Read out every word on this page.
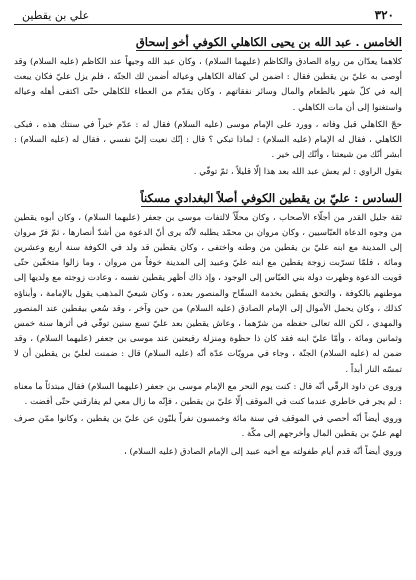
٣٢٠
علي بن يقطين
الخامس . عبد الله بن يحيى الكاهلي الكوفي أخو إسحاق

كلاهما يعدّان من رواة الصادق والكاظم (عليهما السلام) ، وكان عبد الله وجيهاً عند الكاظم (عليه السلام) وقد أوصى به عليّ بن يقطين فقال : اضمن لي كفالة الكاهلي وعياله أضمن لك الجنّة ، فلم يزل عليّ فكان يبعث إليه في كلّ شهر بالطعام والمال وسائر نفقاتهم ، وكان يقدّم من العطاء للكاهلي حتّى اكتفى أهله وعياله واستغنوا إلى أن مات الكاهلي .

حجّ الكاهلي قبل وفاته ، وورد على الإمام موسى (عليه السلام) فقال له : عدّم خيراً في سنتك هذه ، فبكى الكاهلي ، فقال له الإمام (عليه السلام) : لماذا تبكي ؟ قال : إنّك نعيت إليّ نفسي ، فقال له (عليه السلام) : أبشر أنّك من شيعتنا ، وأنّك إلى خير .

يقول الراوي : لم يعش عبد الله بعد هذا إلّا قليلاً ، ثمّ توفّي .

السادس : عليّ بن يقطين الكوفي أصلاً البغدادي مسكناً

ثقة جليل القدر من أجلّاء الأصحاب ، وكان محلّاً لالتفات موسى بن جعفر (عليهما السلام) ، وكان أبوه يقطين من وجوه الدعاة العبّاسيين ، وكان مروان بن محمّد يطلبه لأنّه يرى أنّ الدعوة من أشدّ أنصارها ، ثمّ فرّ مروان إلى المدينة مع ابنه عليّ بن يقطين من وطنه واختفى ، وكان يقطين قد ولد في الكوفة سنة أربع وعشرين ومائة ، فلمّا تسرّبت زوجة يقطين مع ابنه عليّ وعبيد إلى المدينة خوفاً من مروان ، وما زالوا متخفّين حتّى قويت الدعوة وظهرت دولة بني العبّاس إلى الوجود ، وإذ ذاك أظهر يقطين نفسه ، وعادت زوجته مع ولديها إلى موطنهم بالكوفة ، والتحق يقطين بخدمة السفّاح والمنصور بعده ، وكان شيعيّ المذهب يقول بالإمامة ، وأبناؤه كذلك ، وكان يحمل الأموال إلى الإمام الصادق (عليه السلام) من حين وآخر ، وقد سُعي بيقطين عند المنصور والمهدي ، لكن الله تعالى حفظه من شرّهما ، وعاش يقطين بعد عليّ تسع سنين توفّي في أثرها سنة خمس وثمانين ومائة ، وأمّا عليّ ابنه فقد كان ذا حظوة ومنزلة رفيعتين عند موسى بن جعفر (عليهما السلام) ، وقد ضمن له (عليه السلام) الجنّة ، وجاء في مرويّات عدّة أنّه (عليه السلام) قال : ضمنت لعليّ بن يقطين أن لا تمسّه النار أبداً .

وروى عن داود الرقّي أنّه قال : كنت يوم النحر مع الإمام موسى بن جعفر (عليهما السلام) فقال مبتدئاً ما معناه : لم يجر في خاطري عندما كنت في الموقف إلّا عليّ بن يقطين ، فإنّه ما زال معي لم يفارقني حتّى أفضت .

وروي أيضاً أنّه أحصي في الموقف في سنة مائة وخمسون نفراً يلبّون عن عليّ بن يقطين ، وكانوا ممّن صرف لهم عليّ بن يقطين المال وأخرجهم إلى مكّة .

وروي أيضاً أنّه قدم أيام طفولته مع أخيه عبيد إلى الإمام الصادق (عليه السلام) ،
